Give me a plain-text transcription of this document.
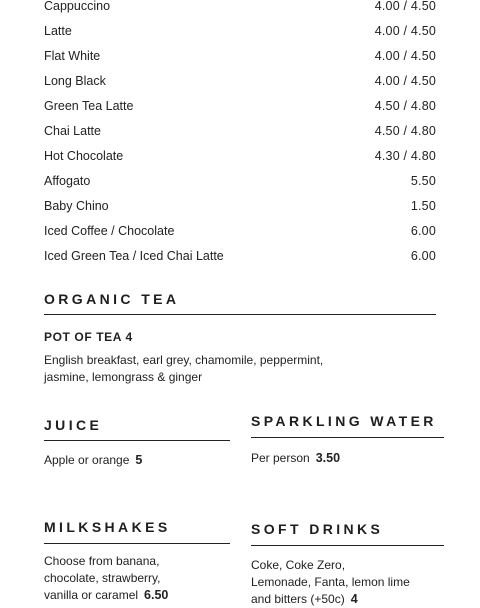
Cappuccino	4.00 / 4.50
Latte	4.00 / 4.50
Flat White	4.00 / 4.50
Long Black	4.00 / 4.50
Green Tea Latte	4.50 / 4.80
Chai Latte	4.50 / 4.80
Hot Chocolate	4.30 / 4.80
Affogato	5.50
Baby Chino	1.50
Iced Coffee / Chocolate	6.00
Iced Green Tea / Iced Chai Latte	6.00
ORGANIC TEA
POT OF TEA 4
English breakfast, earl grey, chamomile, peppermint,
jasmine, lemongrass & ginger
JUICE
Apple or orange 5
SPARKLING WATER
Per person 3.50
MILKSHAKES
Choose from banana,
chocolate, strawberry,
vanilla or caramel 6.50
SOFT DRINKS
Coke, Coke Zero,
Lemonade, Fanta, lemon lime
and bitters (+50c) 4
